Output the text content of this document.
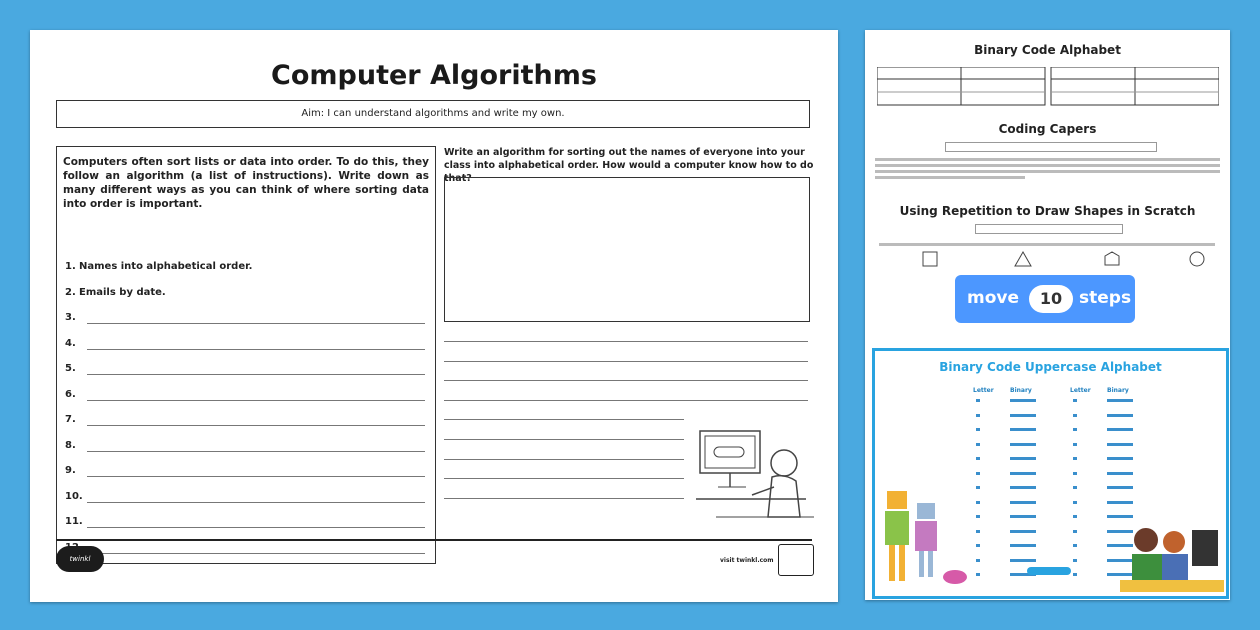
Computer Algorithms
Aim: I can understand algorithms and write my own.

Computers often sort lists or data into order. To do this, they follow an algorithm (a list of instructions). Write down as many different ways as you can think of where sorting data into order is important.

1. Names into alphabetical order.
2. Emails by date.
3.
4.
5.
6.
7.
8.
9.
10.
11.
Write an algorithm for sorting out the names of everyone into your class into alphabetical order. How would a computer know how to do that?
twinkl	visit twinkl.com
Binary Code Alphabet
Coding Capers
Using Repetition to Draw Shapes in Scratch
move	10 steps
Binary Code Uppercase Alphabet
Letter	Binary	Letter	Binary
